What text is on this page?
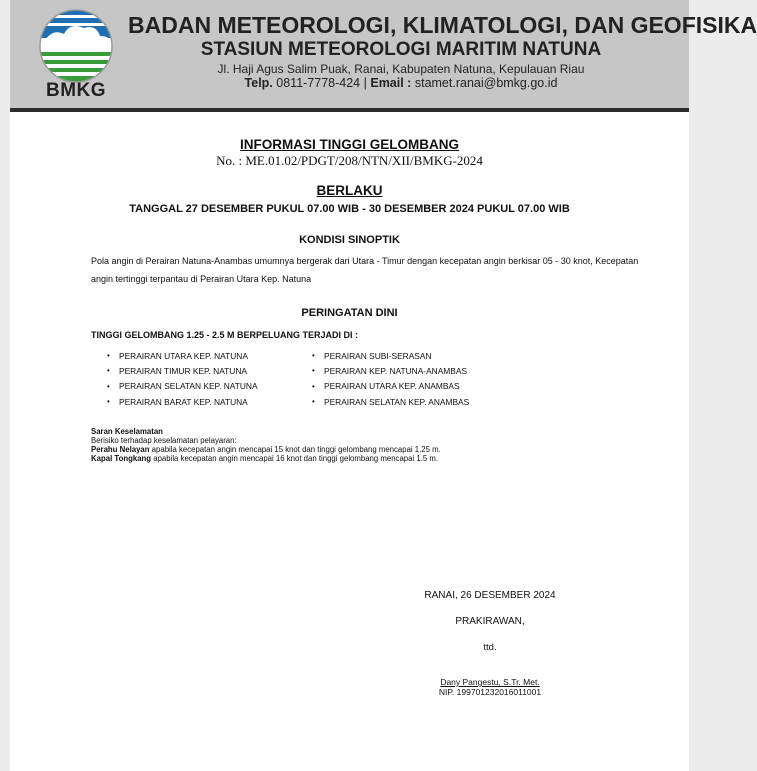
BMKG
BADAN METEOROLOGI, KLIMATOLOGI, DAN GEOFISIKA
STASIUN METEOROLOGI MARITIM NATUNA
Jl. Haji Agus Salim Puak, Ranai, Kabupaten Natuna, Kepulauan Riau
Telp. 0811-7778-424 | Email : stamet.ranai@bmkg.go.id
INFORMASI TINGGI GELOMBANG
No. : ME.01.02/PDGT/208/NTN/XII/BMKG-2024
BERLAKU
TANGGAL 27 DESEMBER PUKUL 07.00 WIB - 30 DESEMBER 2024 PUKUL 07.00 WIB
KONDISI SINOPTIK
Pola angin di Perairan Natuna-Anambas umumnya bergerak dari Utara - Timur dengan kecepatan angin berkisar 05 - 30 knot, Kecepatan angin tertinggi terpantau di Perairan Utara Kep. Natuna
PERINGATAN DINI
TINGGI GELOMBANG 1.25 - 2.5 M BERPELUANG TERJADI DI :
•	PERAIRAN UTARA KEP. NATUNA
•	PERAIRAN TIMUR KEP. NATUNA
•	PERAIRAN SELATAN KEP. NATUNA
•	PERAIRAN BARAT KEP. NATUNA
•	PERAIRAN SUBI-SERASAN
•	PERAIRAN KEP. NATUNA-ANAMBAS
•	PERAIRAN UTARA KEP. ANAMBAS
•	PERAIRAN SELATAN KEP. ANAMBAS
Saran Keselamatan
Berisiko terhadap keselamatan pelayaran:
Perahu Nelayan apabila kecepatan angin mencapai 15 knot dan tinggi gelombang mencapai 1.25 m.
Kapal Tongkang apabila kecepatan angin mencapai 16 knot dan tinggi gelombang mencapai 1.5 m.
RANAI, 26 DESEMBER 2024
PRAKIRAWAN,
ttd.
Dany Pangestu, S.Tr. Met.
NIP. 199701232016011001
